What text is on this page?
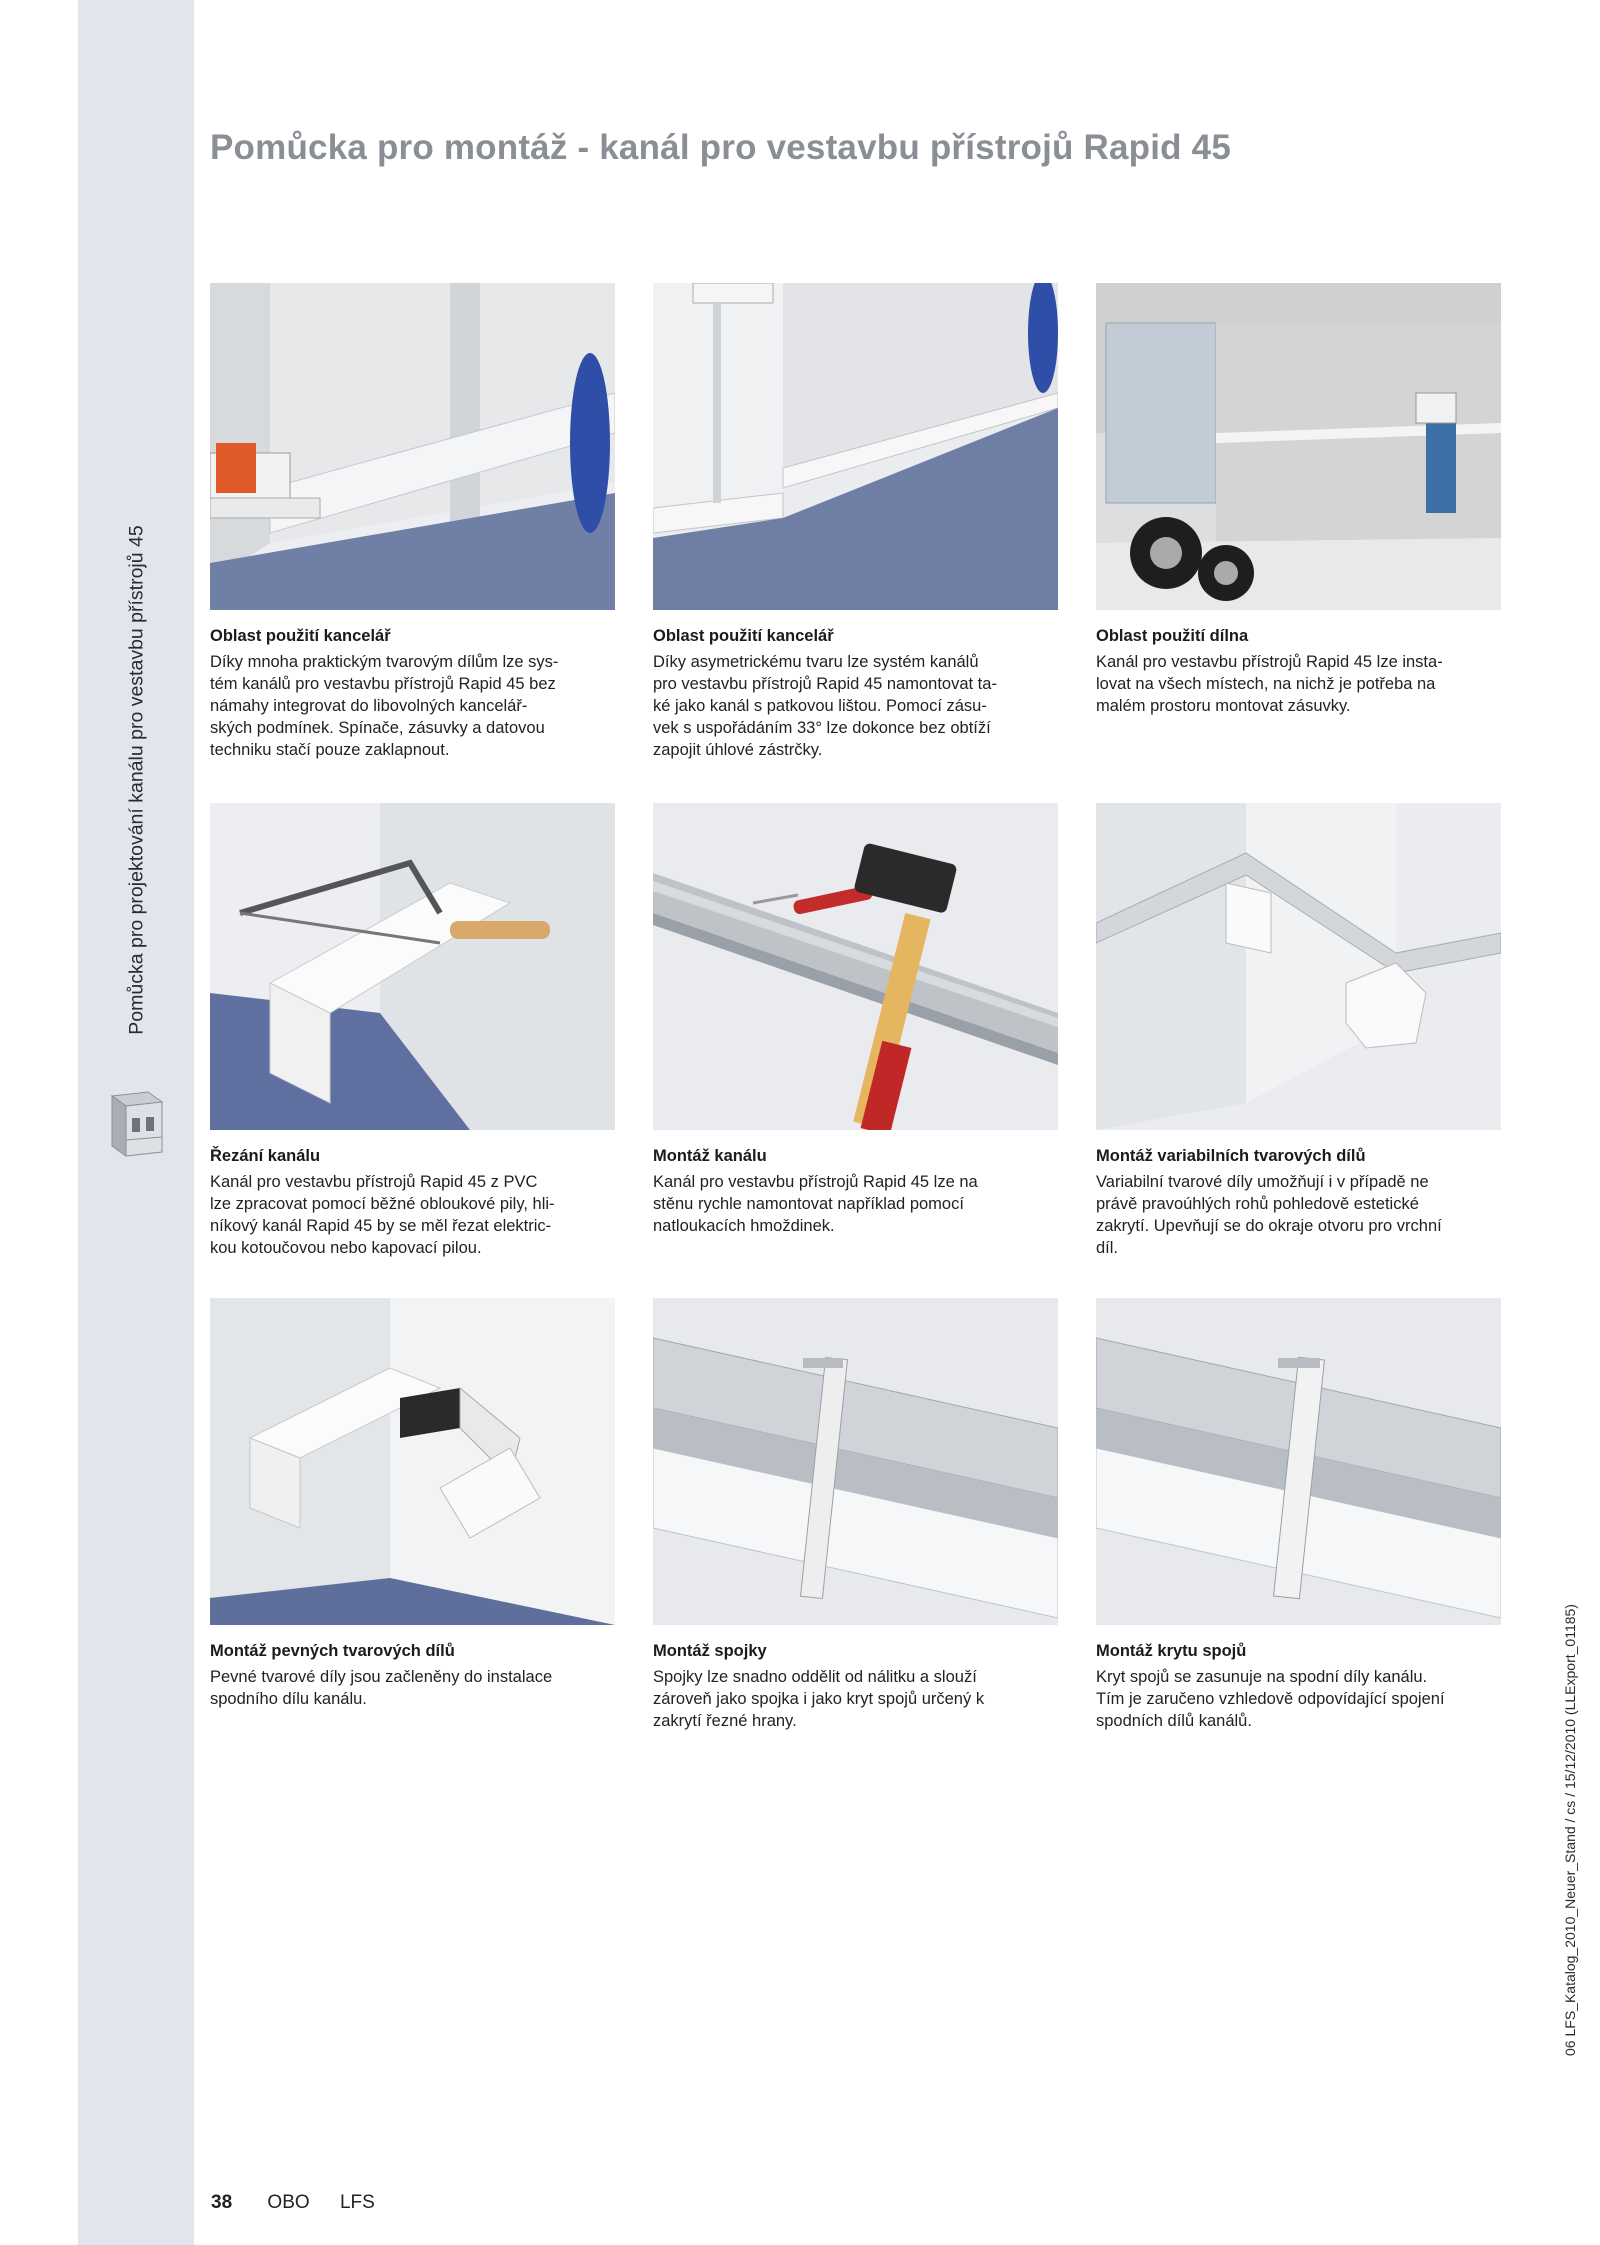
Pomůcka pro projektování kanálu pro vestavbu přístrojů 45
Pomůcka pro montáž - kanál pro vestavbu přístrojů Rapid 45
Oblast použití kancelář
Díky mnoha praktickým tvarovým dílům lze sys-
tém kanálů pro vestavbu přístrojů Rapid 45 bez
námahy integrovat do libovolných kancelář-
ských podmínek. Spínače, zásuvky a datovou
techniku stačí pouze zaklapnout.
Oblast použití kancelář
Díky asymetrickému tvaru lze systém kanálů
pro vestavbu přístrojů Rapid 45 namontovat ta-
ké jako kanál s patkovou lištou. Pomocí zásu-
vek s uspořádáním 33° lze dokonce bez obtíží
zapojit úhlové zástrčky.
Oblast použití dílna
Kanál pro vestavbu přístrojů Rapid 45 lze insta-
lovat na všech místech, na nichž je potřeba na
malém prostoru montovat zásuvky.
Řezání kanálu
Kanál pro vestavbu přístrojů Rapid 45 z PVC
lze zpracovat pomocí běžné obloukové pily, hli-
níkový kanál Rapid 45 by se měl řezat elektric-
kou kotoučovou nebo kapovací pilou.
Montáž kanálu
Kanál pro vestavbu přístrojů Rapid 45 lze na
stěnu rychle namontovat například pomocí
natloukacích hmoždinek.
Montáž variabilních tvarových dílů
Variabilní tvarové díly umožňují i v případě ne
právě pravoúhlých rohů pohledově estetické
zakrytí. Upevňují se do okraje otvoru pro vrchní
díl.
Montáž pevných tvarových dílů
Pevné tvarové díly jsou začleněny do instalace
spodního dílu kanálu.
Montáž spojky
Spojky lze snadno oddělit od nálitku a slouží
zároveň jako spojka i jako kryt spojů určený k
zakrytí řezné hrany.
Montáž krytu spojů
Kryt spojů se zasunuje na spodní díly kanálu.
Tím je zaručeno vzhledově odpovídající spojení
spodních dílů kanálů.	06 LFS_Katalog_2010_Neuer_Stand / cs / 15/12/2010 (LLExport_01185)
38 OBO LFS
